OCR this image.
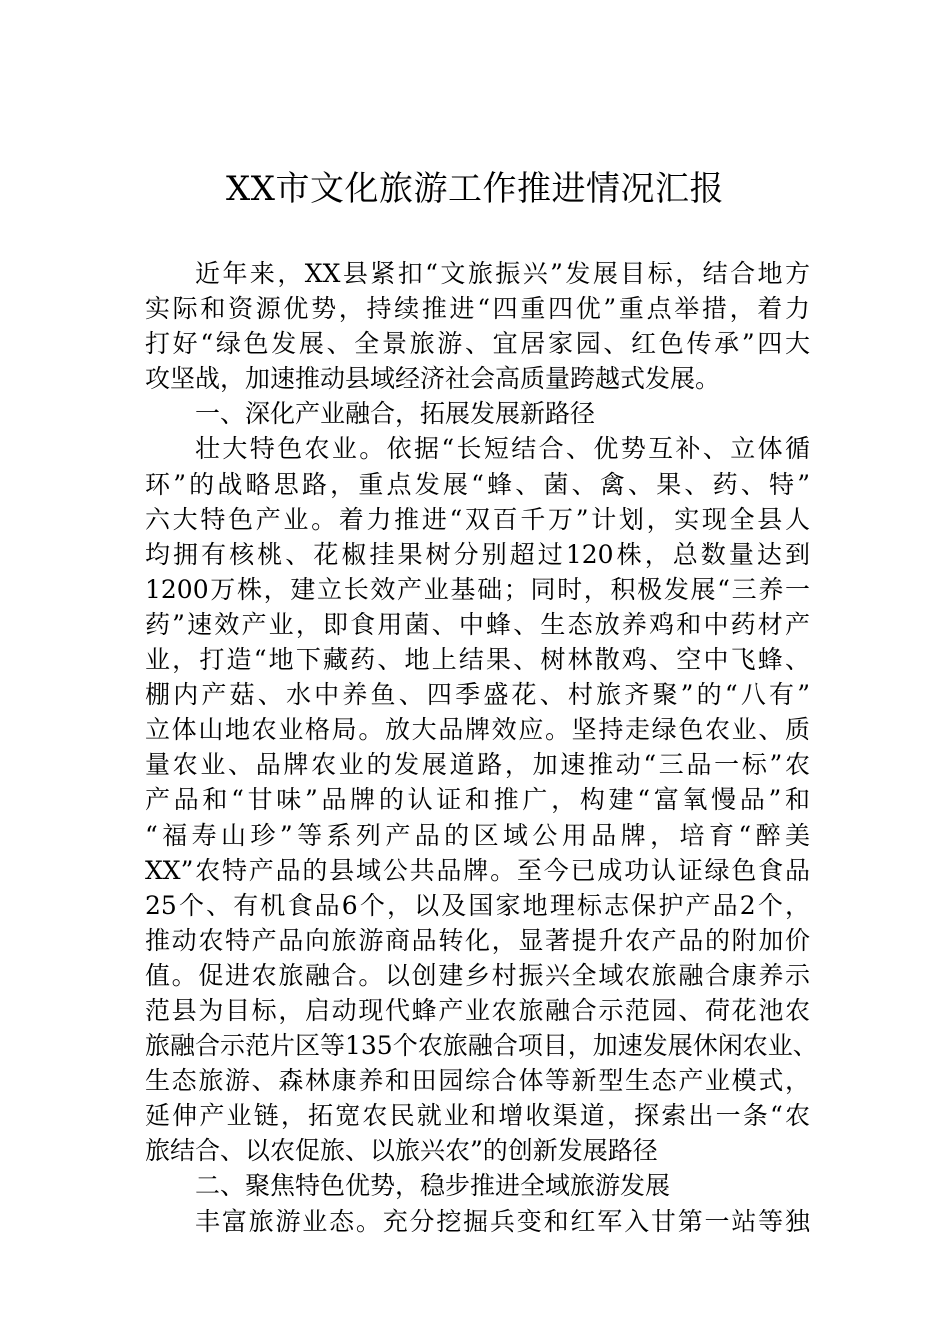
XX市文化旅游工作推进情况汇报
近年来，XX县紧扣“文旅振兴”发展目标，结合地方
实际和资源优势，持续推进“四重四优”重点举措，着力
打好“绿色发展、全景旅游、宜居家园、红色传承”四大
攻坚战，加速推动县域经济社会高质量跨越式发展。
一、深化产业融合，拓展发展新路径
壮大特色农业。依据“长短结合、优势互补、立体循
环”的战略思路，重点发展“蜂、菌、禽、果、药、特”
六大特色产业。着力推进“双百千万”计划，实现全县人
均拥有核桃、花椒挂果树分别超过120株，总数量达到
1200万株，建立长效产业基础；同时，积极发展“三养一
药”速效产业，即食用菌、中蜂、生态放养鸡和中药材产
业，打造“地下藏药、地上结果、树林散鸡、空中飞蜂、
棚内产菇、水中养鱼、四季盛花、村旅齐聚”的“八有”
立体山地农业格局。放大品牌效应。坚持走绿色农业、质
量农业、品牌农业的发展道路，加速推动“三品一标”农
产品和“甘味”品牌的认证和推广，构建“富氧慢品”和
“福寿山珍”等系列产品的区域公用品牌，培育“醉美
XX”农特产品的县域公共品牌。至今已成功认证绿色食品
25个、有机食品6个，以及国家地理标志保护产品2个，
推动农特产品向旅游商品转化，显著提升农产品的附加价
值。促进农旅融合。以创建乡村振兴全域农旅融合康养示
范县为目标，启动现代蜂产业农旅融合示范园、荷花池农
旅融合示范片区等135个农旅融合项目，加速发展休闲农业、
生态旅游、森林康养和田园综合体等新型生态产业模式，
延伸产业链，拓宽农民就业和增收渠道，探索出一条“农
旅结合、以农促旅、以旅兴农”的创新发展路径
二、聚焦特色优势，稳步推进全域旅游发展
丰富旅游业态。充分挖掘兵变和红军入甘第一站等独
